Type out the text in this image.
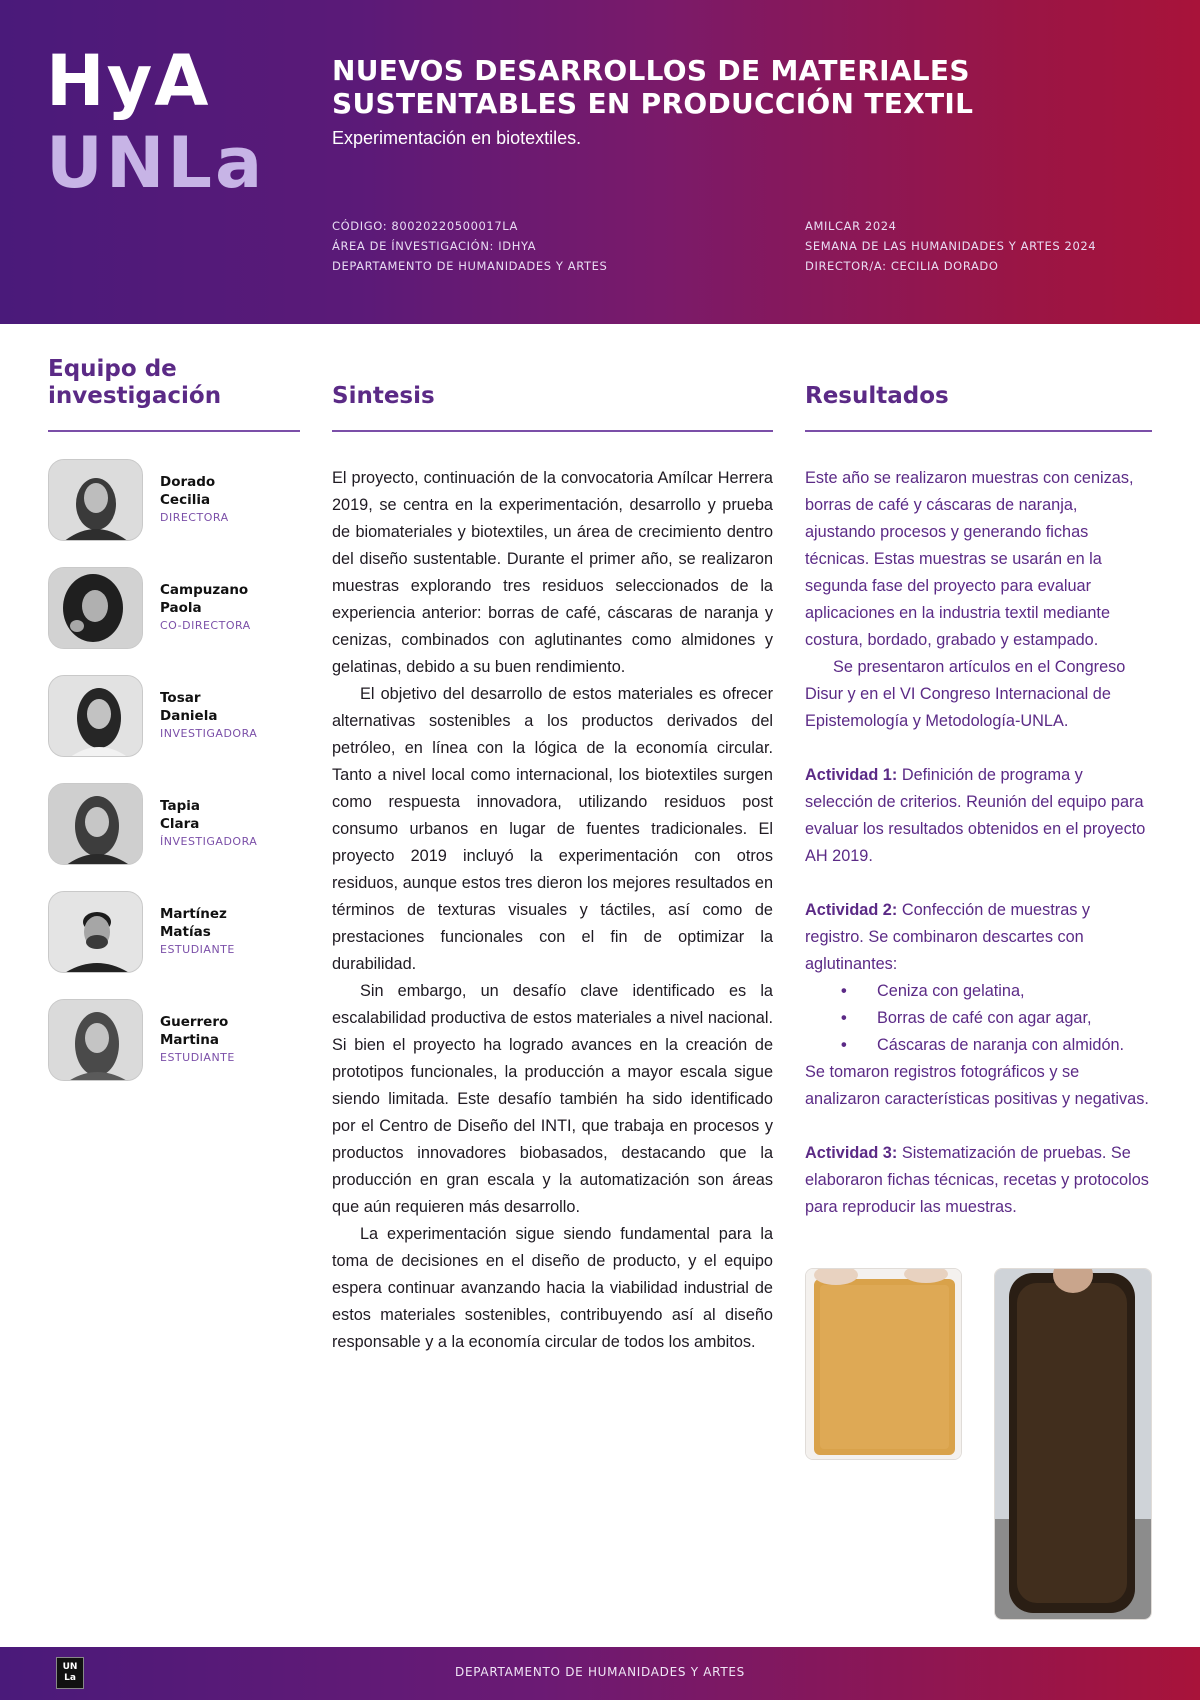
HyA
UNLa
NUEVOS DESARROLLOS DE MATERIALES
SUSTENTABLES EN PRODUCCIÓN TEXTIL
Experimentación en biotextiles.
CÓDIGO: 80020220500017LA
ÁREA DE ÍNVESTIGACIÓN: IDHYA
DEPARTAMENTO DE HUMANIDADES Y ARTES
AMILCAR 2024
SEMANA DE LAS HUMANIDADES Y ARTES 2024
DIRECTOR/A: CECILIA DORADO
Equipo de
investigación
Dorado
Cecilia
DIRECTORA
Campuzano
Paola
CO-DIRECTORA
Tosar
Daniela
INVESTIGADORA
Tapia
Clara
ÍNVESTIGADORA
Martínez
Matías
ESTUDIANTE
Guerrero
Martina
ESTUDIANTE
Sintesis

El proyecto, continuación de la convocatoria Amílcar Herrera 2019, se centra en la experimentación, desarrollo y prueba de biomateriales y biotextiles, un área de crecimiento dentro del diseño sustentable. Durante el primer año, se realizaron muestras explorando tres residuos seleccionados de la experiencia anterior: borras de café, cáscaras de naranja y cenizas, combinados con aglutinantes como almidones y gelatinas, debido a su buen rendimiento.

El objetivo del desarrollo de estos materiales es ofrecer alternativas sostenibles a los productos derivados del petróleo, en línea con la lógica de la economía circular. Tanto a nivel local como internacional, los biotextiles surgen como respuesta innovadora, utilizando residuos post consumo urbanos en lugar de fuentes tradicionales. El proyecto 2019 incluyó la experimentación con otros residuos, aunque estos tres dieron los mejores resultados en términos de texturas visuales y táctiles, así como de prestaciones funcionales con el fin de optimizar la durabilidad.

Sin embargo, un desafío clave identificado es la escalabilidad productiva de estos materiales a nivel nacional. Si bien el proyecto ha logrado avances en la creación de prototipos funcionales, la producción a mayor escala sigue siendo limitada. Este desafío también ha sido identificado por el Centro de Diseño del INTI, que trabaja en procesos y productos innovadores biobasados, destacando que la producción en gran escala y la automatización son áreas que aún requieren más desarrollo.

La experimentación sigue siendo fundamental para la toma de decisiones en el diseño de producto, y el equipo espera continuar avanzando hacia la viabilidad industrial de estos materiales sostenibles, contribuyendo así al diseño responsable y a la economía circular de todos los ambitos.

Resultados

Este año se realizaron muestras con cenizas, borras de café y cáscaras de naranja, ajustando procesos y generando fichas técnicas. Estas muestras se usarán en la segunda fase del proyecto para evaluar aplicaciones en la industria textil mediante costura, bordado, grabado y estampado.

Se presentaron artículos en el Congreso Disur y en el VI Congreso Internacional de Epistemología y Metodología-UNLA.

Actividad 1: Definición de programa y selección de criterios. Reunión del equipo para evaluar los resultados obtenidos en el proyecto AH 2019.

Actividad 2: Confección de muestras y registro. Se combinaron descartes con aglutinantes:

• Ceniza con gelatina,
• Borras de café con agar agar,
• Cáscaras de naranja con almidón.

Se tomaron registros fotográficos y se analizaron características positivas y negativas.

Actividad 3: Sistematización de pruebas. Se elaboraron fichas técnicas, recetas y protocolos para reproducir las muestras.

UN La	DEPARTAMENTO DE HUMANIDADES Y ARTES
